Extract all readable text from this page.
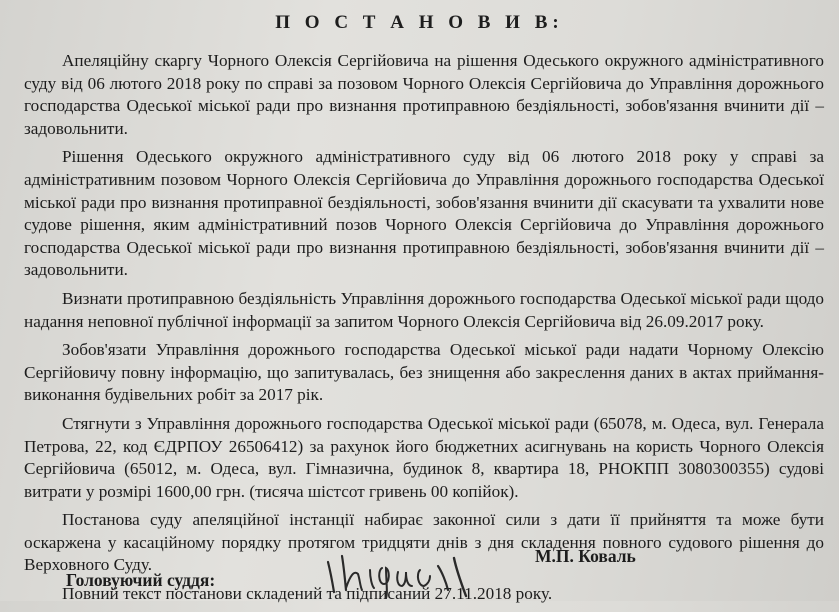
П О С Т А Н О В И В:

Апеляційну скаргу Чорного Олексія Сергійовича на рішення Одеського окружного адміністративного суду від 06 лютого 2018 року по справі за позовом Чорного Олексія Сергійовича до Управління дорожнього господарства Одеської міської ради про визнання протиправною бездіяльності, зобов'язання вчинити дії – задовольнити.

Рішення Одеського окружного адміністративного суду від 06 лютого 2018 року у справі за адміністративним позовом Чорного Олексія Сергійовича до Управління дорожнього господарства Одеської міської ради про визнання протиправної бездіяльності, зобов'язання вчинити дії скасувати та ухвалити нове судове рішення, яким адміністративний позов Чорного Олексія Сергійовича до Управління дорожнього господарства Одеської міської ради про визнання протиправною бездіяльності, зобов'язання вчинити дії – задовольнити.

Визнати протиправною бездіяльність Управління дорожнього господарства Одеської міської ради щодо надання неповної публічної інформації за запитом Чорного Олексія Сергійовича від 26.09.2017 року.

Зобов'язати Управління дорожнього господарства Одеської міської ради надати Чорному Олексію Сергійовичу повну інформацію, що запитувалась, без знищення або закреслення даних в актах приймання-виконання будівельних робіт за 2017 рік.

Стягнути з Управління дорожнього господарства Одеської міської ради (65078, м. Одеса, вул. Генерала Петрова, 22, код ЄДРПОУ 26506412) за рахунок його бюджетних асигнувань на користь Чорного Олексія Сергійовича (65012, м. Одеса, вул. Гімназична, будинок 8, квартира 18, РНОКПП 3080300355) судові витрати у розмірі 1600,00 грн. (тисяча шістсот гривень 00 копійок).

Постанова суду апеляційної інстанції набирає законної сили з дати її прийняття та може бути оскаржена у касаційному порядку протягом тридцяти днів з дня складення повного судового рішення до Верховного Суду.

Повний текст постанови складений та підписаний 27.11.2018 року.

Головуючий суддя:
М.П. Коваль
